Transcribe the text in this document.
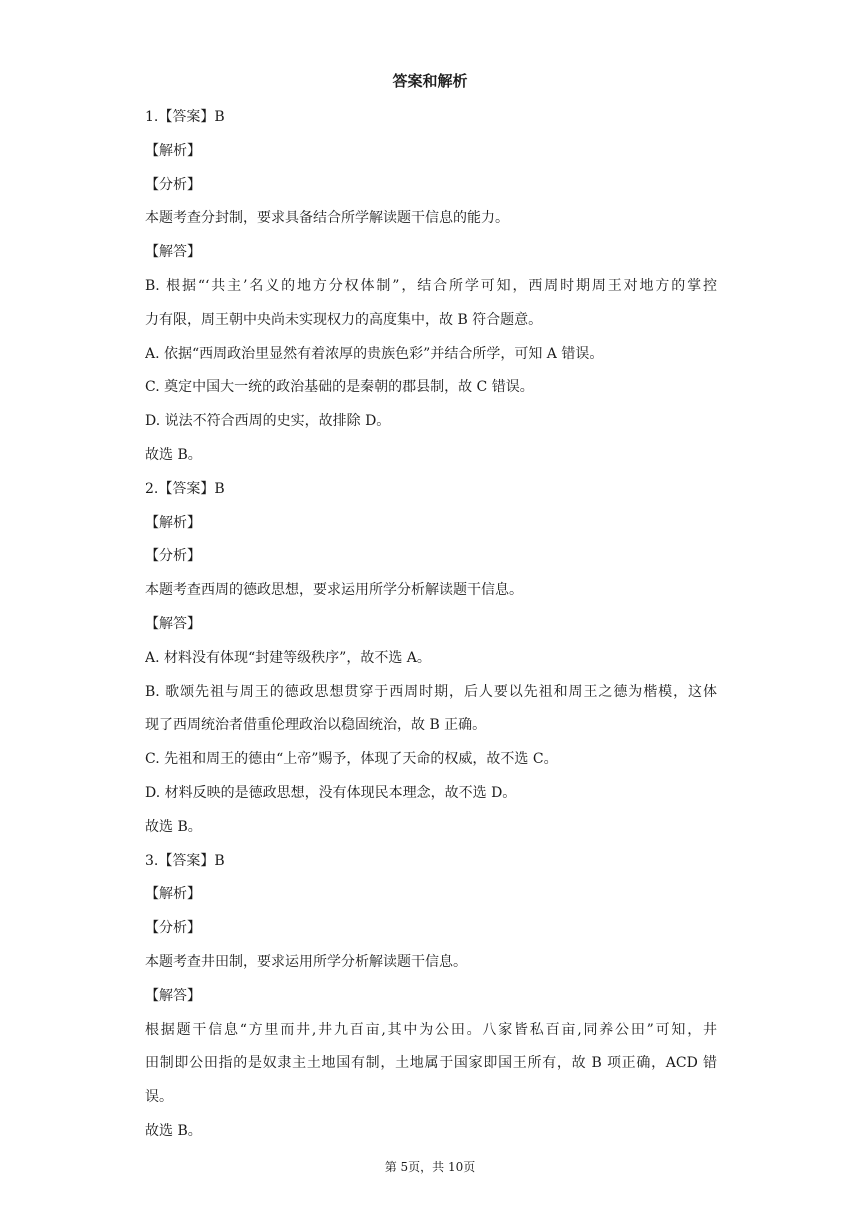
答案和解析
1.【答案】B
【解析】
【分析】
本题考查分封制，要求具备结合所学解读题干信息的能力。
【解答】
B. 根据“‘共主’名义的地方分权体制”，结合所学可知，西周时期周王对地方的掌控
力有限，周王朝中央尚未实现权力的高度集中，故 B 符合题意。
A. 依据“西周政治里显然有着浓厚的贵族色彩”并结合所学，可知 A 错误。
C. 奠定中国大一统的政治基础的是秦朝的郡县制，故 C 错误。
D. 说法不符合西周的史实，故排除 D。
故选 B。
2.【答案】B
【解析】
【分析】
本题考查西周的德政思想，要求运用所学分析解读题干信息。
【解答】
A. 材料没有体现“封建等级秩序”，故不选 A。
B. 歌颂先祖与周王的德政思想贯穿于西周时期，后人要以先祖和周王之德为楷模，这体
现了西周统治者借重伦理政治以稳固统治，故 B 正确。
C. 先祖和周王的德由“上帝”赐予，体现了天命的权威，故不选 C。
D. 材料反映的是德政思想，没有体现民本理念，故不选 D。
故选 B。
3.【答案】B
【解析】
【分析】
本题考查井田制，要求运用所学分析解读题干信息。
【解答】
根据题干信息“方里而井,井九百亩,其中为公田。八家皆私百亩,同养公田”可知，井
田制即公田指的是奴隶主土地国有制，土地属于国家即国王所有，故 B 项正确，ACD 错
误。
故选 B。
第 5页，共 10页
